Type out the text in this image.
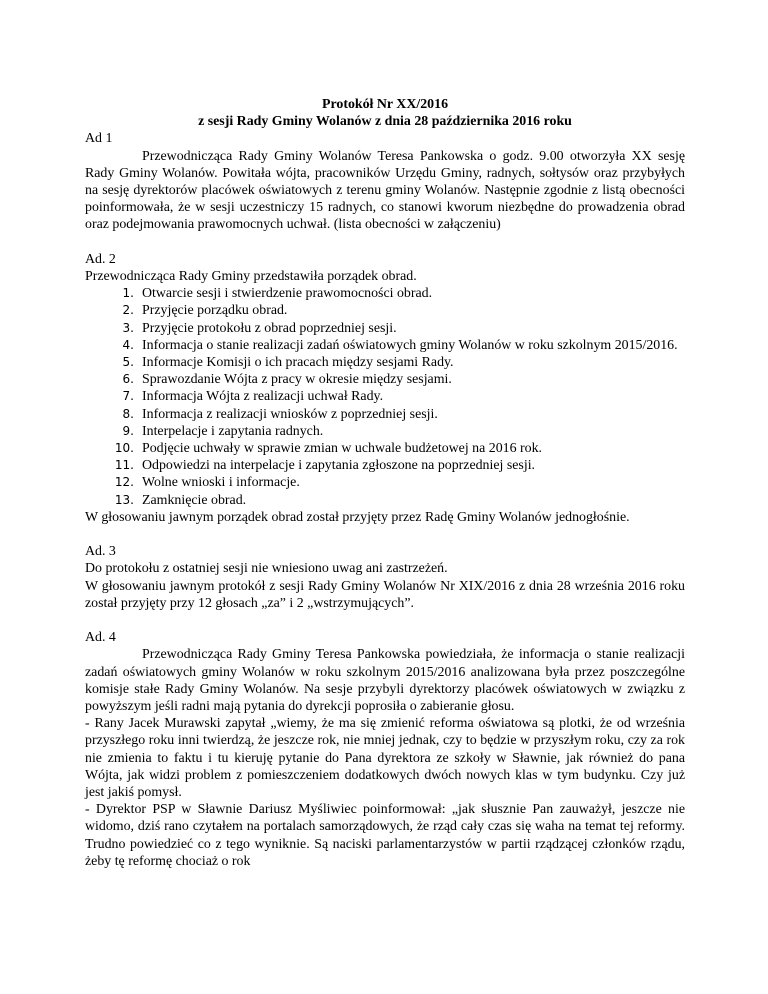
Protokół Nr XX/2016

z sesji Rady Gminy Wolanów z dnia 28 października 2016 roku

Ad 1

Przewodnicząca Rady Gminy Wolanów Teresa Pankowska o godz. 9.00 otworzyła XX sesję Rady Gminy Wolanów. Powitała wójta, pracowników Urzędu Gminy, radnych, sołtysów oraz przybyłych na sesję dyrektorów placówek oświatowych z terenu gminy Wolanów. Następnie zgodnie z listą obecności poinformowała, że w sesji uczestniczy 15 radnych, co stanowi kworum niezbędne do prowadzenia obrad oraz podejmowania prawomocnych uchwał. (lista obecności w załączeniu)

Ad. 2

Przewodnicząca Rady Gminy przedstawiła porządek obrad.

1. Otwarcie sesji i stwierdzenie prawomocności obrad.
2. Przyjęcie porządku obrad.
3. Przyjęcie protokołu z obrad poprzedniej sesji.
4. Informacja o stanie realizacji zadań oświatowych gminy Wolanów w roku szkolnym 2015/2016.
5. Informacje Komisji o ich pracach między sesjami Rady.
6. Sprawozdanie Wójta z pracy w okresie między sesjami.
7. Informacja Wójta z realizacji uchwał Rady.
8. Informacja z realizacji wniosków z poprzedniej sesji.
9. Interpelacje i zapytania radnych.
10. Podjęcie uchwały w sprawie zmian w uchwale budżetowej na 2016 rok.
11. Odpowiedzi na interpelacje i zapytania zgłoszone na poprzedniej sesji.
12. Wolne wnioski i informacje.
13. Zamknięcie obrad.

W głosowaniu jawnym porządek obrad został przyjęty przez Radę Gminy Wolanów jednogłośnie.

Ad. 3

Do protokołu z ostatniej sesji nie wniesiono uwag ani zastrzeżeń.

W głosowaniu jawnym protokół z sesji Rady Gminy Wolanów Nr XIX/2016 z dnia 28 września 2016 roku został przyjęty przy 12 głosach „za” i 2 „wstrzymujących”.

Ad. 4

Przewodnicząca Rady Gminy Teresa Pankowska powiedziała, że informacja o stanie realizacji zadań oświatowych gminy Wolanów w roku szkolnym 2015/2016 analizowana była przez poszczególne komisje stałe Rady Gminy Wolanów. Na sesje przybyli dyrektorzy placówek oświatowych w związku z powyższym jeśli radni mają pytania do dyrekcji poprosiła o zabieranie głosu.

- Rany Jacek Murawski zapytał „wiemy, że ma się zmienić reforma oświatowa są plotki, że od września przyszłego roku inni twierdzą, że jeszcze rok, nie mniej jednak, czy to będzie w przyszłym roku, czy za rok nie zmienia to faktu i tu kieruję pytanie do Pana dyrektora ze szkoły w Sławnie, jak również do pana Wójta, jak widzi problem z pomieszczeniem dodatkowych dwóch nowych klas w tym budynku. Czy już jest jakiś pomysł.

- Dyrektor PSP w Sławnie Dariusz Myśliwiec poinformował: „jak słusznie Pan zauważył, jeszcze nie widomo, dziś rano czytałem na portalach samorządowych, że rząd cały czas się waha na temat tej reformy. Trudno powiedzieć co z tego wyniknie. Są naciski parlamentarzystów w partii rządzącej członków rządu, żeby tę reformę chociaż o rok
